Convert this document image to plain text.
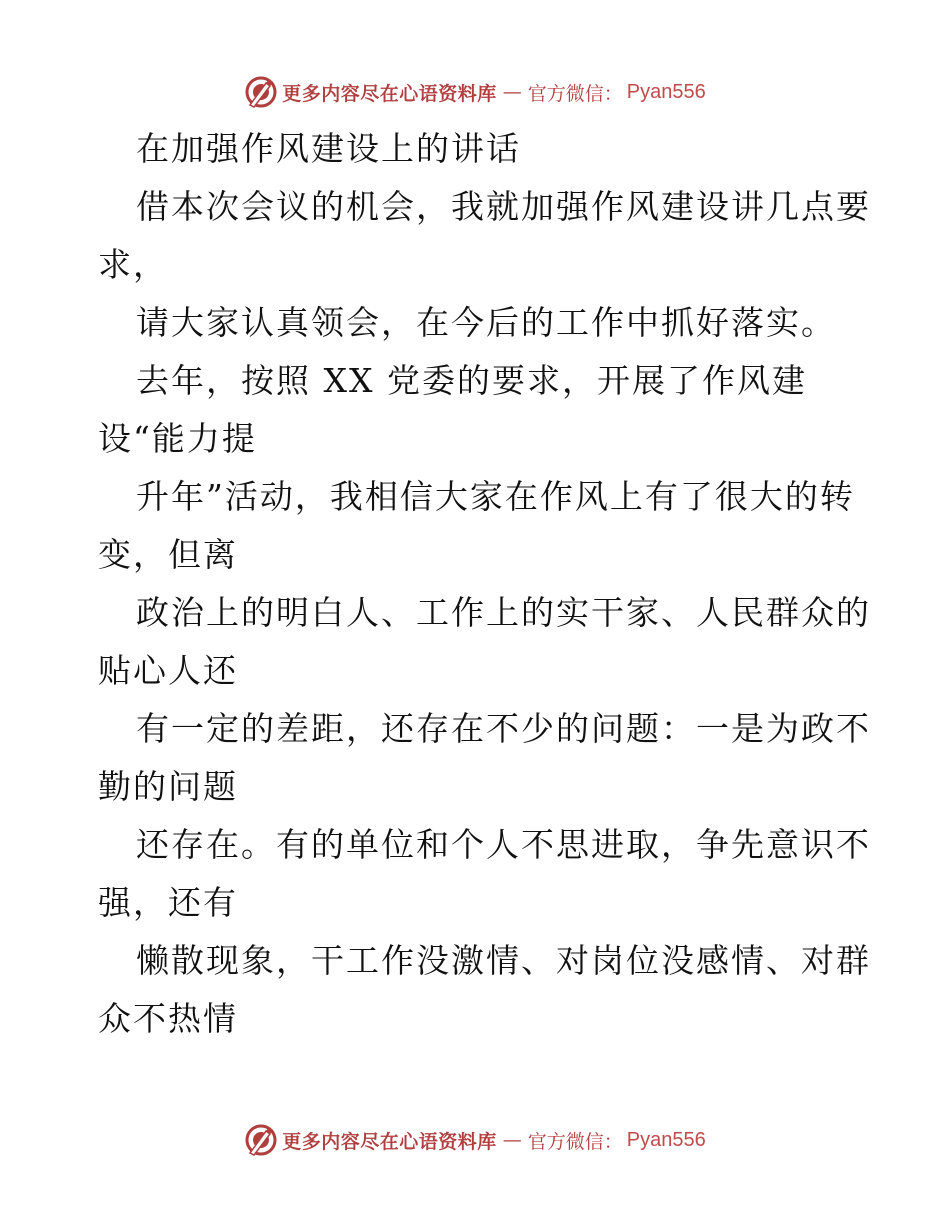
更多内容尽在心语资料库 — 官方微信： Pyan556
在加强作风建设上的讲话
借本次会议的机会，我就加强作风建设讲几点要
求，
请大家认真领会，在今后的工作中抓好落实。
去年，按照 XX 党委的要求，开展了作风建
设“能力提
升年”活动，我相信大家在作风上有了很大的转
变，但离
政治上的明白人、工作上的实干家、人民群众的
贴心人还
有一定的差距，还存在不少的问题：一是为政不
勤的问题
还存在。有的单位和个人不思进取，争先意识不
强，还有
懒散现象，干工作没激情、对岗位没感情、对群
众不热情
更多内容尽在心语资料库 — 官方微信： Pyan556
